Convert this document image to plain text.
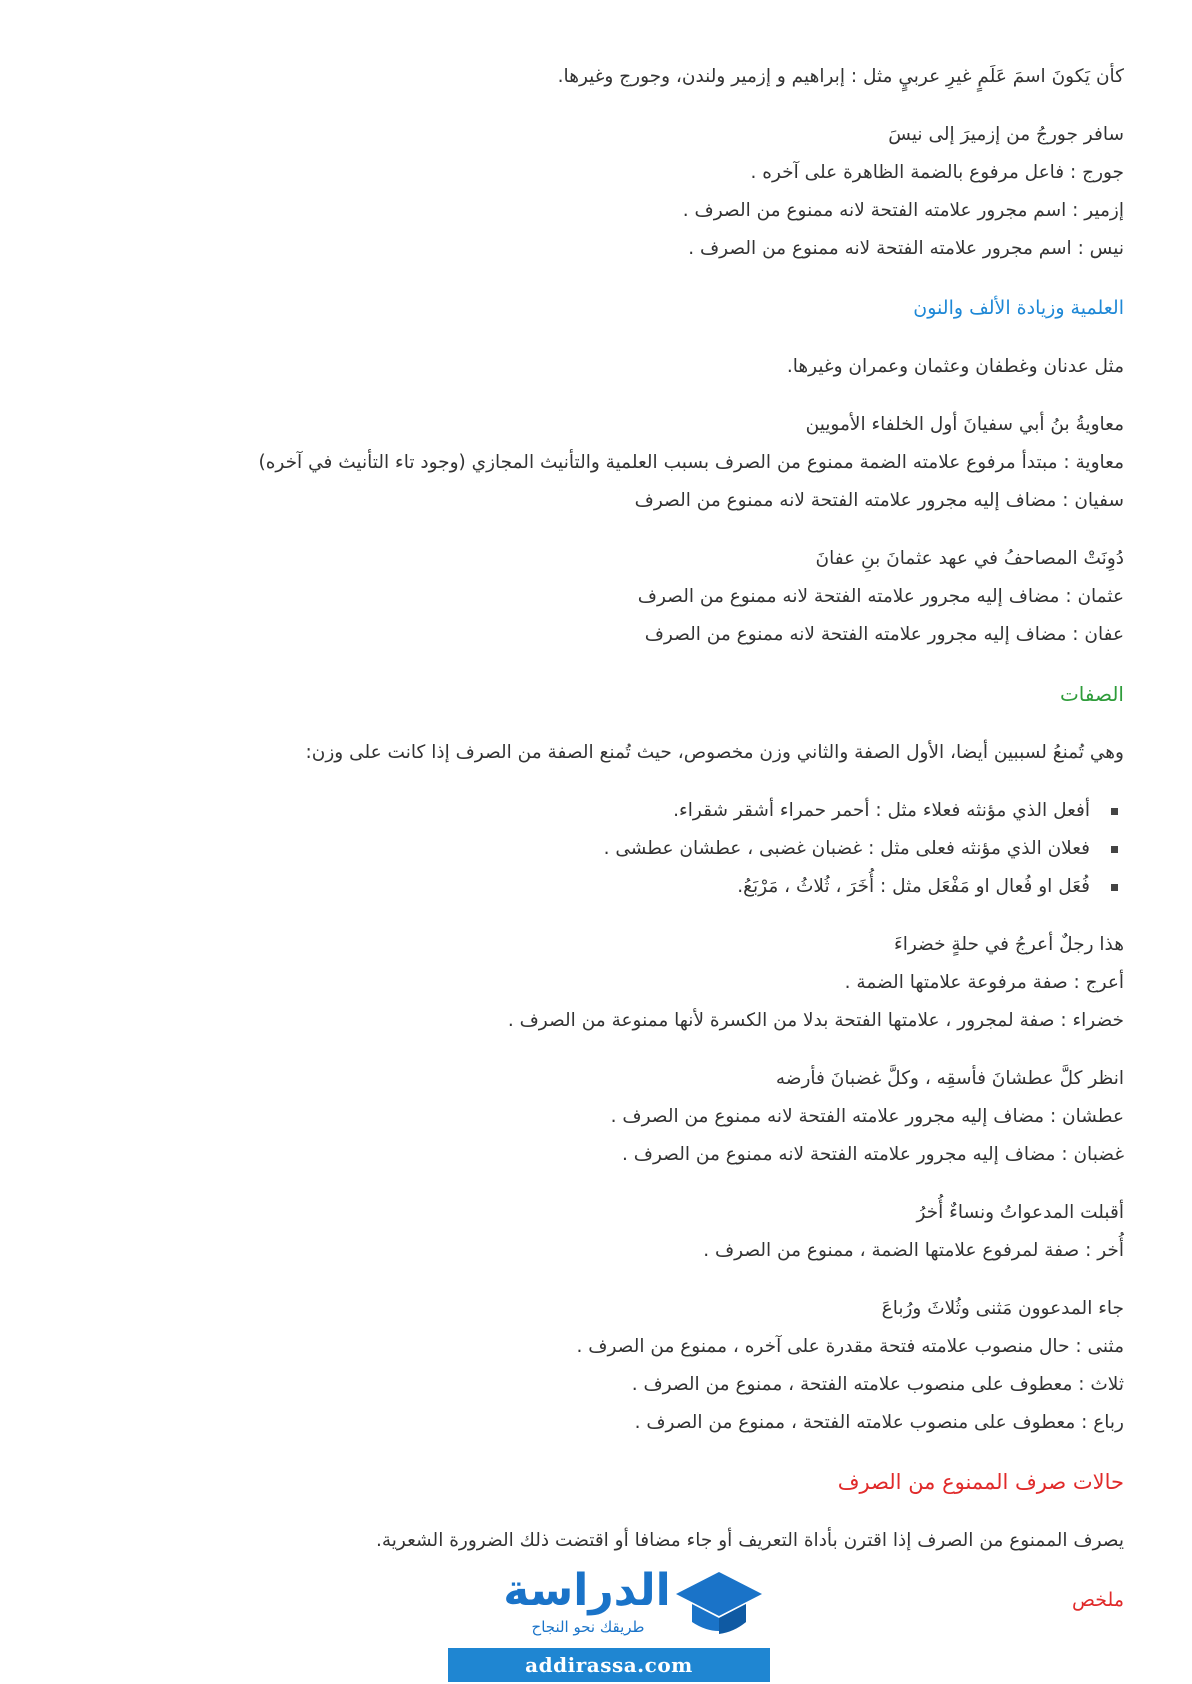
كأن يَكونَ اسمَ عَلَمٍ غيرِ عربيٍ مثل : إبراهيم و إزمير ولندن، وجورج وغيرها.

سافر جورجُ من إزميرَ إلى نيسَ

جورج : فاعل مرفوع بالضمة الظاهرة على آخره .

إزمير : اسم مجرور علامته الفتحة لانه ممنوع من الصرف .

نيس : اسم مجرور علامته الفتحة لانه ممنوع من الصرف .

العلمية وزيادة الألف والنون

مثل عدنان وغطفان وعثمان وعمران وغيرها.

معاويةُ بنُ أبي سفيانَ أول الخلفاء الأمويين

معاوية : مبتدأ مرفوع علامته الضمة ممنوع من الصرف بسبب العلمية والتأنيث المجازي (وجود تاء التأنيث في آخره)

سفيان : مضاف إليه مجرور علامته الفتحة لانه ممنوع من الصرف

دُوِنَتْ المصاحفُ في عهد عثمانَ بنِ عفانَ

عثمان : مضاف إليه مجرور علامته الفتحة لانه ممنوع من الصرف

عفان : مضاف إليه مجرور علامته الفتحة لانه ممنوع من الصرف

الصفات

وهي تُمنعُ لسببين أيضا، الأول الصفة والثاني وزن مخصوص، حيث تُمنع الصفة من الصرف إذا كانت على وزن:

أفعل الذي مؤنثه فعلاء مثل : أحمر حمراء أشقر شقراء.
فعلان الذي مؤنثه فعلى مثل : غضبان غضبى ، عطشان عطشى .
فُعَل او فُعال او مَفْعَل مثل : أُخَرَ ، ثُلاثُ ، مَرْبَعُ.

هذا رجلٌ أعرجُ في حلةٍ خضراءَ

أعرج : صفة مرفوعة علامتها الضمة .

خضراء : صفة لمجرور ، علامتها الفتحة بدلا من الكسرة لأنها ممنوعة من الصرف .

انظر كلَّ عطشانَ فأسقِه ، وكلَّ غضبانَ فأرضه

عطشان : مضاف إليه مجرور علامته الفتحة لانه ممنوع من الصرف .

غضبان : مضاف إليه مجرور علامته الفتحة لانه ممنوع من الصرف .

أقبلت المدعواتُ ونساءٌ أُخرُ

أُخر : صفة لمرفوع علامتها الضمة ، ممنوع من الصرف .

جاء المدعوون مَثنى وثُلاثَ ورُباعَ

مثنى : حال منصوب علامته فتحة مقدرة على آخره ، ممنوع من الصرف .

ثلاث : معطوف على منصوب علامته الفتحة ، ممنوع من الصرف .

رباع : معطوف على منصوب علامته الفتحة ، ممنوع من الصرف .

حالات صرف الممنوع من الصرف

يصرف الممنوع من الصرف إذا اقترن بأداة التعريف أو جاء مضافا أو اقتضت ذلك الضرورة الشعرية.

ملخص
الدراسة
طريقك نحو النجاح
addirassa.com
